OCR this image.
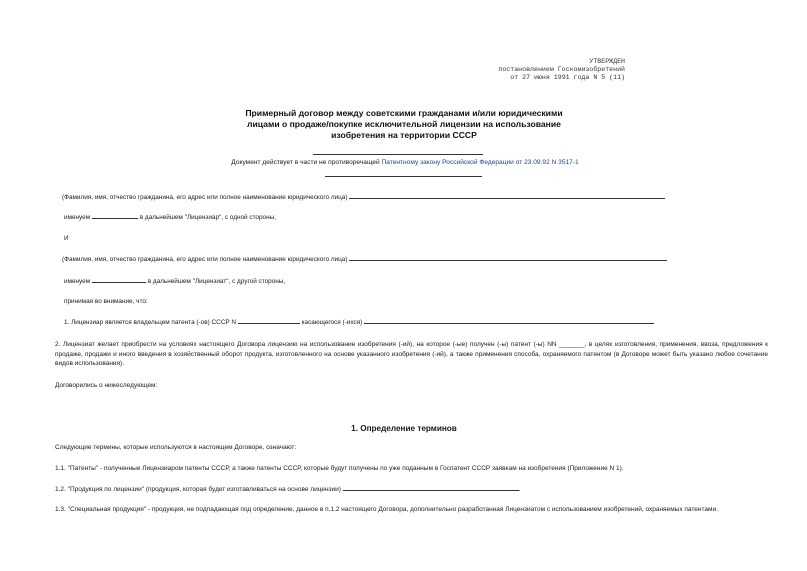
УТВЕРЖДЕН
постановлением Госкомизобретений
от 27 июня 1991 года N 5 (11)
Примерный договор между советскими гражданами и/или юридическими
лицами о продаже/покупке исключительной лицензии на использование
изобретения на территории СССР
Документ действует в части не противоречащей Патентному закону Российской Федерации от 23.09.92 N 3517-1
(Фамилия, имя, отчество гражданина, его адрес или полное наименование юридического лица)
именуем	в дальнейшем "Лицензиар", с одной стороны,
И
(Фамилия, имя, отчество гражданина, его адрес или полное наименование юридического лица)
именуем	в дальнейшем "Лицензиат", с другой стороны,
принимая во внимание, что:
1. Лицензиар является владельцем патента (-ов) СССР N	касающегося (-ихся)
2. Лицензиат желает приобрести на условиях настоящего Договора лицензию на использование изобретения (-ий), на которое (-ые) получен (-ы) патент (-ы) NN _______, в целях изготовления, применения, ввоза, предложения к продаже, продажи и иного введения в хозяйственный оборот продукта, изготовленного на основе указанного изобретения (-ий), а также применения способа, охраняемого патентом (в Договоре может быть указано любое сочетание видов использования).
Договорились о нижеследующем:
1. Определение терминов
Следующие термины, которые используются в настоящем Договоре, означают:
1.1. "Патенты" - полученные Лицензиаром патенты СССР, а также патенты СССР, которые будут получены по уже поданным в Госпатент СССР заявкам на изобретения (Приложение N 1).
1.2. "Продукция по лицензии" (продукция, которая будет изготавливаться на основе лицензии)	.
1.3. "Специальная продукция" - продукция, не подпадающая под определение, данное в п.1.2 настоящего Договора, дополнительно разработанная Лицензиатом с использованием изобретений, охраняемых патентами.
